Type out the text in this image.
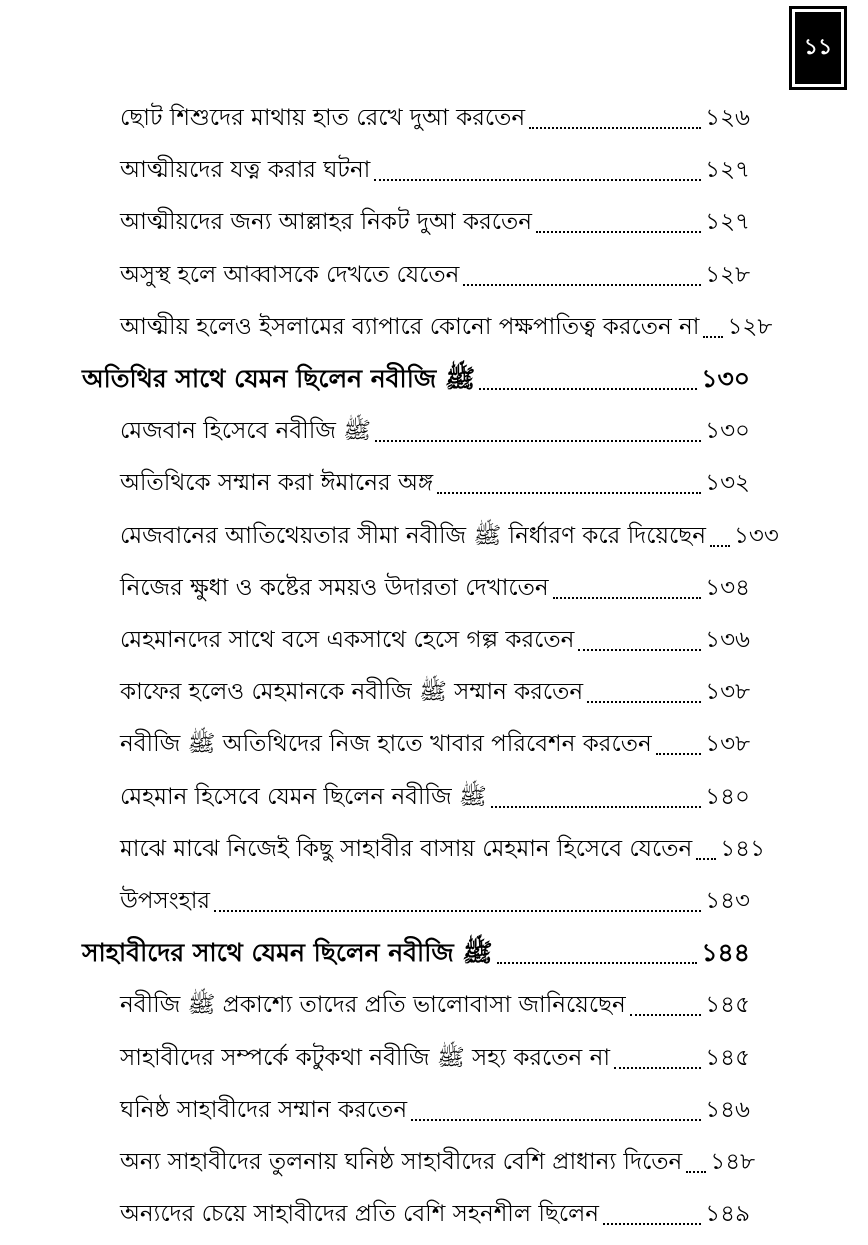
১১
ছোট শিশুদের মাথায় হাত রেখে দুআ করতেন	১২৬
আত্মীয়দের যত্ন করার ঘটনা	১২৭
আত্মীয়দের জন্য আল্লাহর নিকট দুআ করতেন	১২৭
অসুস্থ হলে আব্বাসকে দেখতে যেতেন	১২৮
আত্মীয় হলেও ইসলামের ব্যাপারে কোনো পক্ষপাতিত্ব করতেন না ১২৮
অতিথির সাথে যেমন ছিলেন নবীজি ﷺ	১৩০
মেজবান হিসেবে নবীজি ﷺ	১৩০
অতিথিকে সম্মান করা ঈমানের অঙ্গ	১৩২
মেজবানের আতিথেয়তার সীমা নবীজি ﷺ নির্ধারণ করে দিয়েছেন ১৩৩
নিজের ক্ষুধা ও কষ্টের সময়ও উদারতা দেখাতেন	১৩৪
মেহমানদের সাথে বসে একসাথে হেসে গল্প করতেন	১৩৬
কাফের হলেও মেহমানকে নবীজি ﷺ সম্মান করতেন	১৩৮
নবীজি ﷺ অতিথিদের নিজ হাতে খাবার পরিবেশন করতেন ১৩৮
মেহমান হিসেবে যেমন ছিলেন নবীজি ﷺ	১৪০
মাঝে মাঝে নিজেই কিছু সাহাবীর বাসায় মেহমান হিসেবে যেতেন ১৪১
উপসংহার	১৪৩
সাহাবীদের সাথে যেমন ছিলেন নবীজি ﷺ	১৪৪
নবীজি ﷺ প্রকাশ্যে তাদের প্রতি ভালোবাসা জানিয়েছেন	১৪৫
সাহাবীদের সম্পর্কে কটুকথা নবীজি ﷺ সহ্য করতেন না	১৪৫
ঘনিষ্ঠ সাহাবীদের সম্মান করতেন	১৪৬
অন্য সাহাবীদের তুলনায় ঘনিষ্ঠ সাহাবীদের বেশি প্রাধান্য দিতেন ১৪৮
অন্যদের চেয়ে সাহাবীদের প্রতি বেশি সহনশীল ছিলেন	১৪৯
